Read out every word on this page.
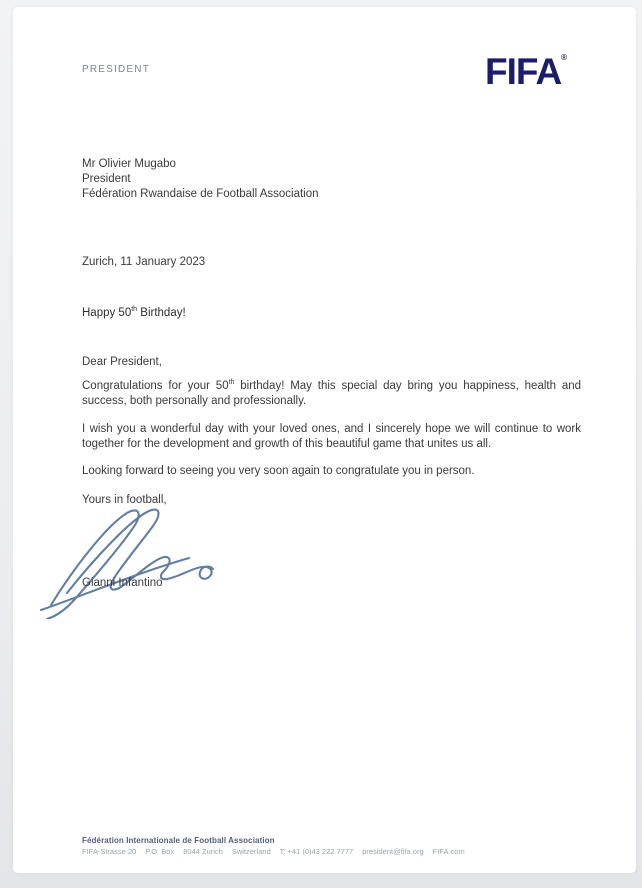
PRESIDENT	FIFA®
Mr Olivier Mugabo
President
Fédération Rwandaise de Football Association
Zurich, 11 January 2023
Happy 50th Birthday!
Dear President,
Congratulations for your 50th birthday! May this special day bring you happiness, health and success, both personally and professionally.
I wish you a wonderful day with your loved ones, and I sincerely hope we will continue to work together for the development and growth of this beautiful game that unites us all.
Looking forward to seeing you very soon again to congratulate you in person.
Yours in football,
Gianni Infantino
Fédération Internationale de Football Association
FIFA-Strasse 20 P.O. Box 8044 Zurich Switzerland T: +41 (0)43 222 7777 president@fifa.org FIFA.com
